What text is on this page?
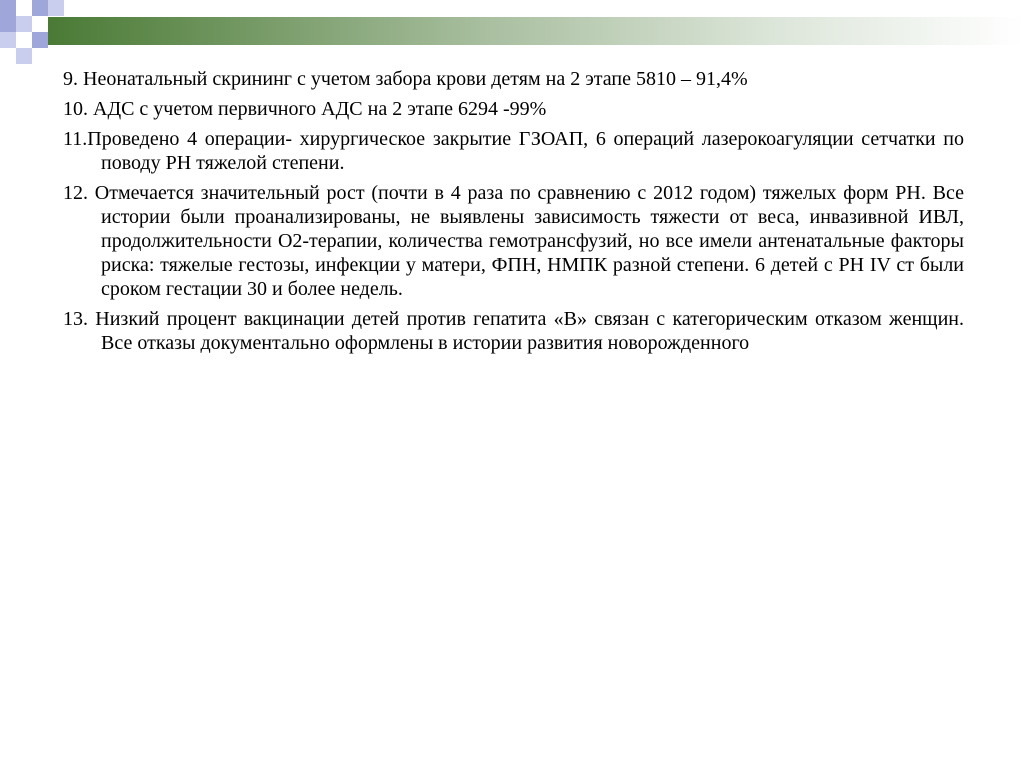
9. Неонатальный скрининг с учетом забора крови детям на 2 этапе 5810 – 91,4%

10. АДС с учетом первичного АДС на 2 этапе 6294 -99%

11.Проведено 4 операции- хирургическое закрытие ГЗОАП, 6 операций лазерокоагуляции сетчатки по поводу РН тяжелой степени.

12. Отмечается значительный рост (почти в 4 раза по сравнению с 2012 годом) тяжелых форм РН. Все истории были проанализированы, не выявлены зависимость тяжести от веса, инвазивной ИВЛ, продолжительности О2-терапии, количества гемотрансфузий, но все имели антенатальные факторы риска: тяжелые гестозы, инфекции у матери, ФПН, НМПК разной степени. 6 детей с РН IV ст были сроком гестации 30 и более недель.

13. Низкий процент вакцинации детей против гепатита «В» связан с категорическим отказом женщин. Все отказы документально оформлены в истории развития новорожденного
